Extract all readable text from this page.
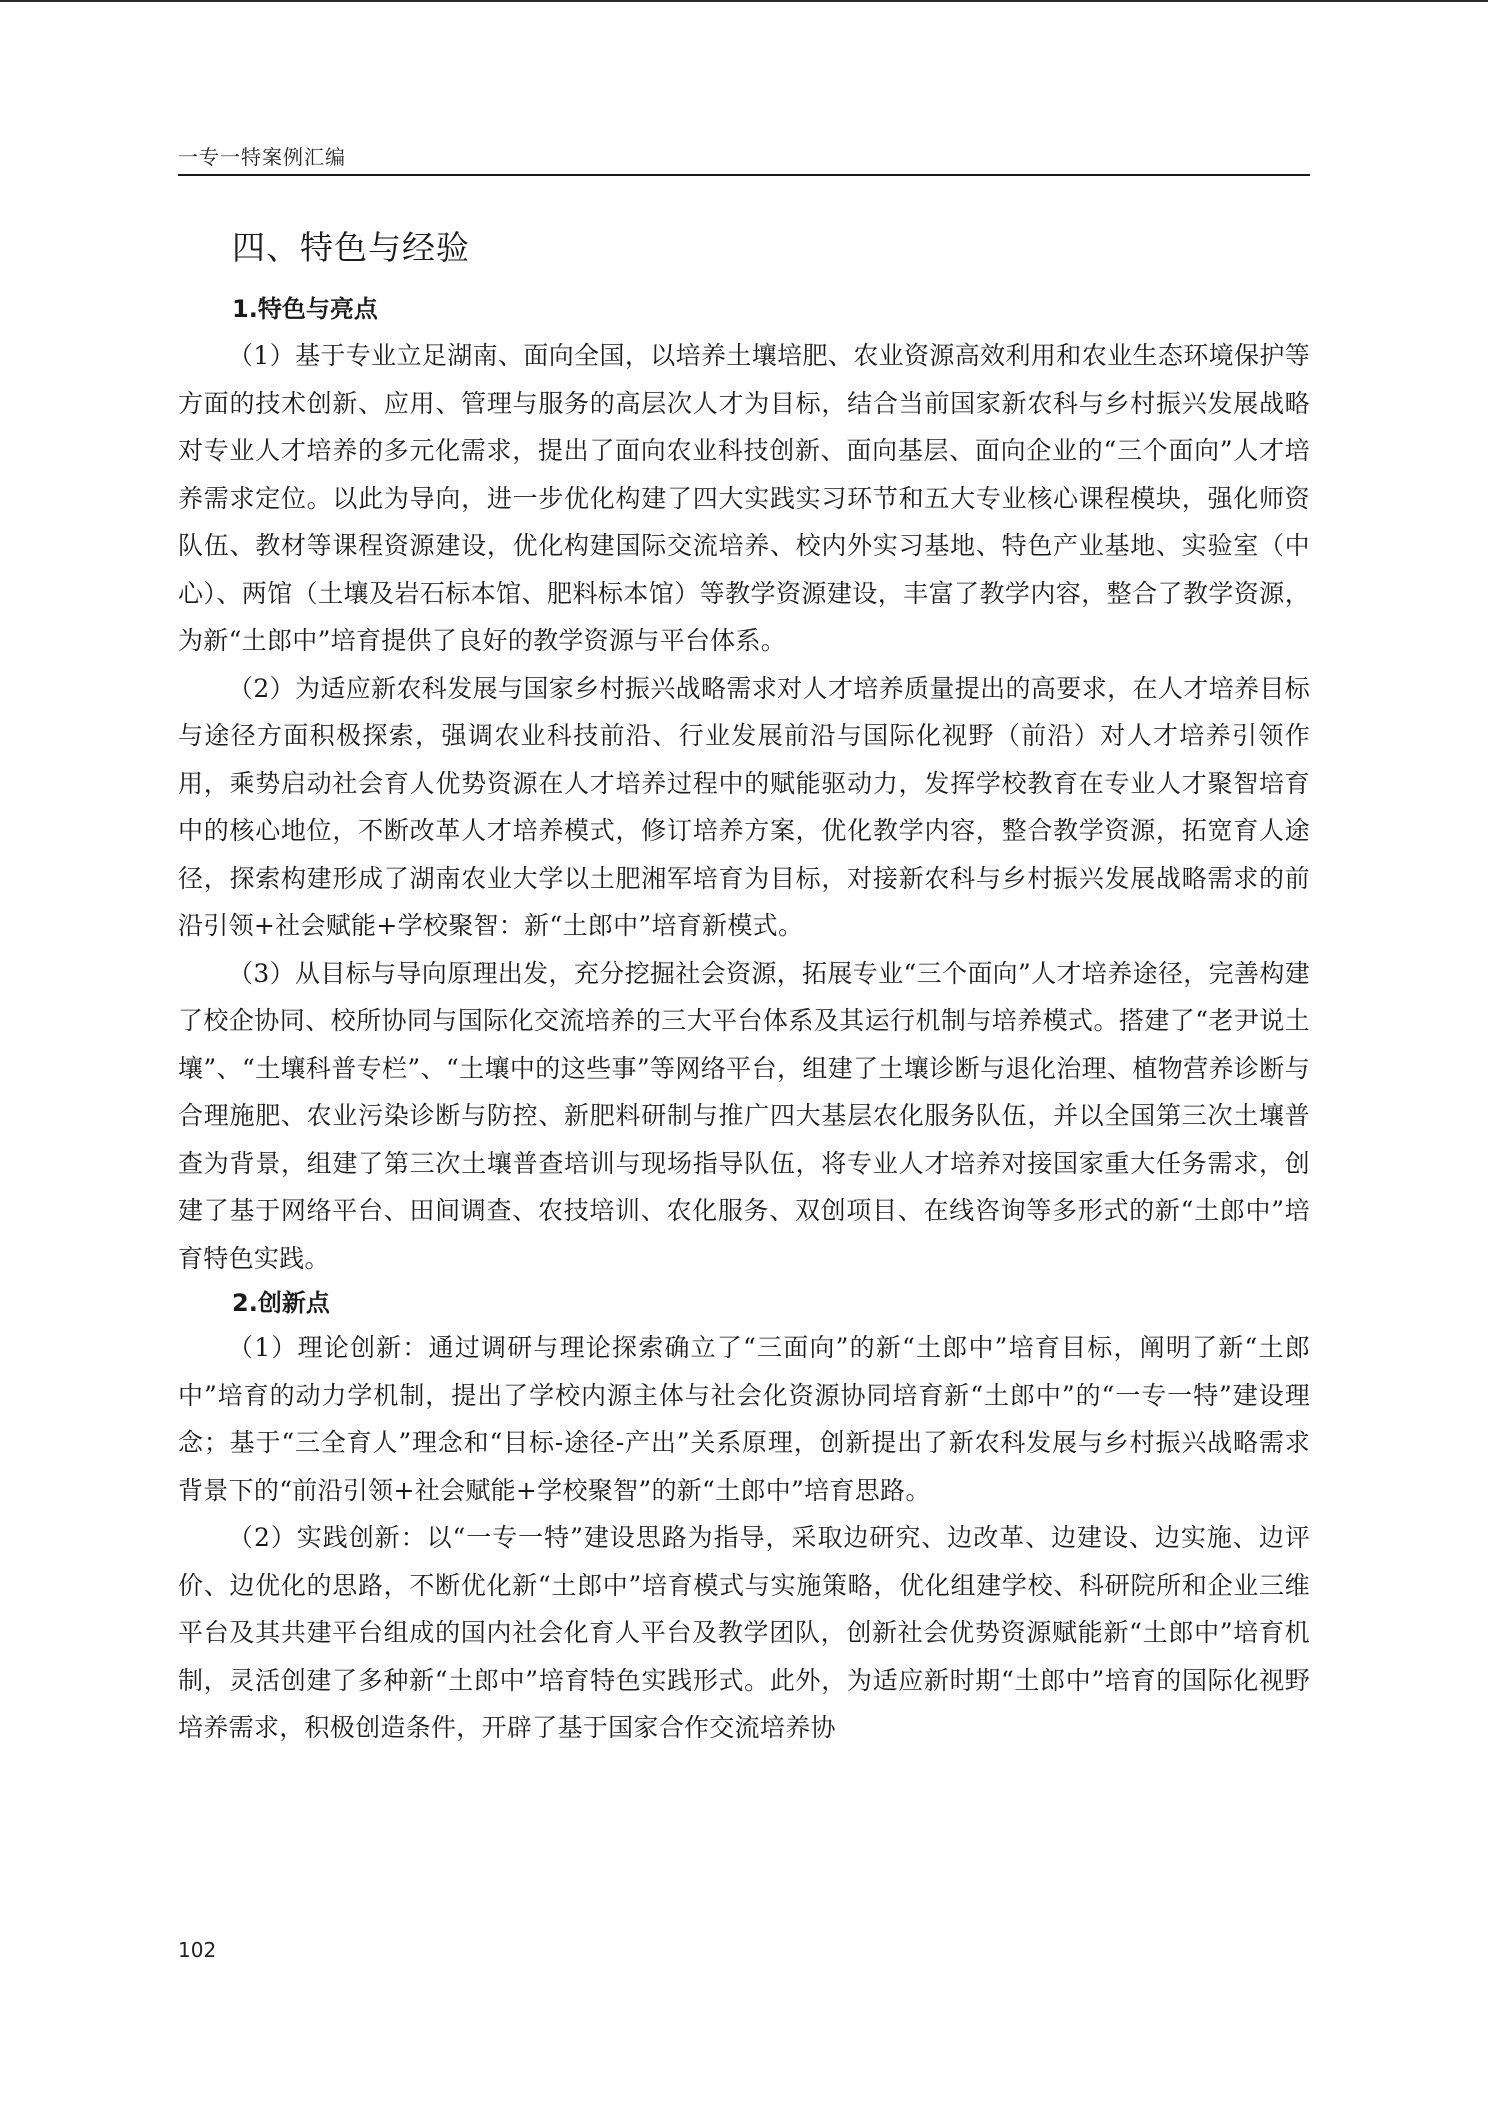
一专一特案例汇编
四、特色与经验
1.特色与亮点

（1）基于专业立足湖南、面向全国，以培养土壤培肥、农业资源高效利用和农业生态环境保护等方面的技术创新、应用、管理与服务的高层次人才为目标，结合当前国家新农科与乡村振兴发展战略对专业人才培养的多元化需求，提出了面向农业科技创新、面向基层、面向企业的“三个面向”人才培养需求定位。以此为导向，进一步优化构建了四大实践实习环节和五大专业核心课程模块，强化师资队伍、教材等课程资源建设，优化构建国际交流培养、校内外实习基地、特色产业基地、实验室（中心）、两馆（土壤及岩石标本馆、肥料标本馆）等教学资源建设，丰富了教学内容，整合了教学资源，为新“土郎中”培育提供了良好的教学资源与平台体系。

（2）为适应新农科发展与国家乡村振兴战略需求对人才培养质量提出的高要求，在人才培养目标与途径方面积极探索，强调农业科技前沿、行业发展前沿与国际化视野（前沿）对人才培养引领作用，乘势启动社会育人优势资源在人才培养过程中的赋能驱动力，发挥学校教育在专业人才聚智培育中的核心地位，不断改革人才培养模式，修订培养方案，优化教学内容，整合教学资源，拓宽育人途径，探索构建形成了湖南农业大学以土肥湘军培育为目标，对接新农科与乡村振兴发展战略需求的前沿引领+社会赋能+学校聚智：新“土郎中”培育新模式。

（3）从目标与导向原理出发，充分挖掘社会资源，拓展专业“三个面向”人才培养途径，完善构建了校企协同、校所协同与国际化交流培养的三大平台体系及其运行机制与培养模式。搭建了“老尹说土壤”、“土壤科普专栏”、“土壤中的这些事”等网络平台，组建了土壤诊断与退化治理、植物营养诊断与合理施肥、农业污染诊断与防控、新肥料研制与推广四大基层农化服务队伍，并以全国第三次土壤普查为背景，组建了第三次土壤普查培训与现场指导队伍，将专业人才培养对接国家重大任务需求，创建了基于网络平台、田间调查、农技培训、农化服务、双创项目、在线咨询等多形式的新“土郎中”培育特色实践。

2.创新点

（1）理论创新：通过调研与理论探索确立了“三面向”的新“土郎中”培育目标，阐明了新“土郎中”培育的动力学机制，提出了学校内源主体与社会化资源协同培育新“土郎中”的“一专一特”建设理念；基于“三全育人”理念和“目标-途径-产出”关系原理，创新提出了新农科发展与乡村振兴战略需求背景下的“前沿引领+社会赋能+学校聚智”的新“土郎中”培育思路。

（2）实践创新：以“一专一特”建设思路为指导，采取边研究、边改革、边建设、边实施、边评价、边优化的思路，不断优化新“土郎中”培育模式与实施策略，优化组建学校、科研院所和企业三维平台及其共建平台组成的国内社会化育人平台及教学团队，创新社会优势资源赋能新“土郎中”培育机制，灵活创建了多种新“土郎中”培育特色实践形式。此外，为适应新时期“土郎中”培育的国际化视野培养需求，积极创造条件，开辟了基于国家合作交流培养协

102
